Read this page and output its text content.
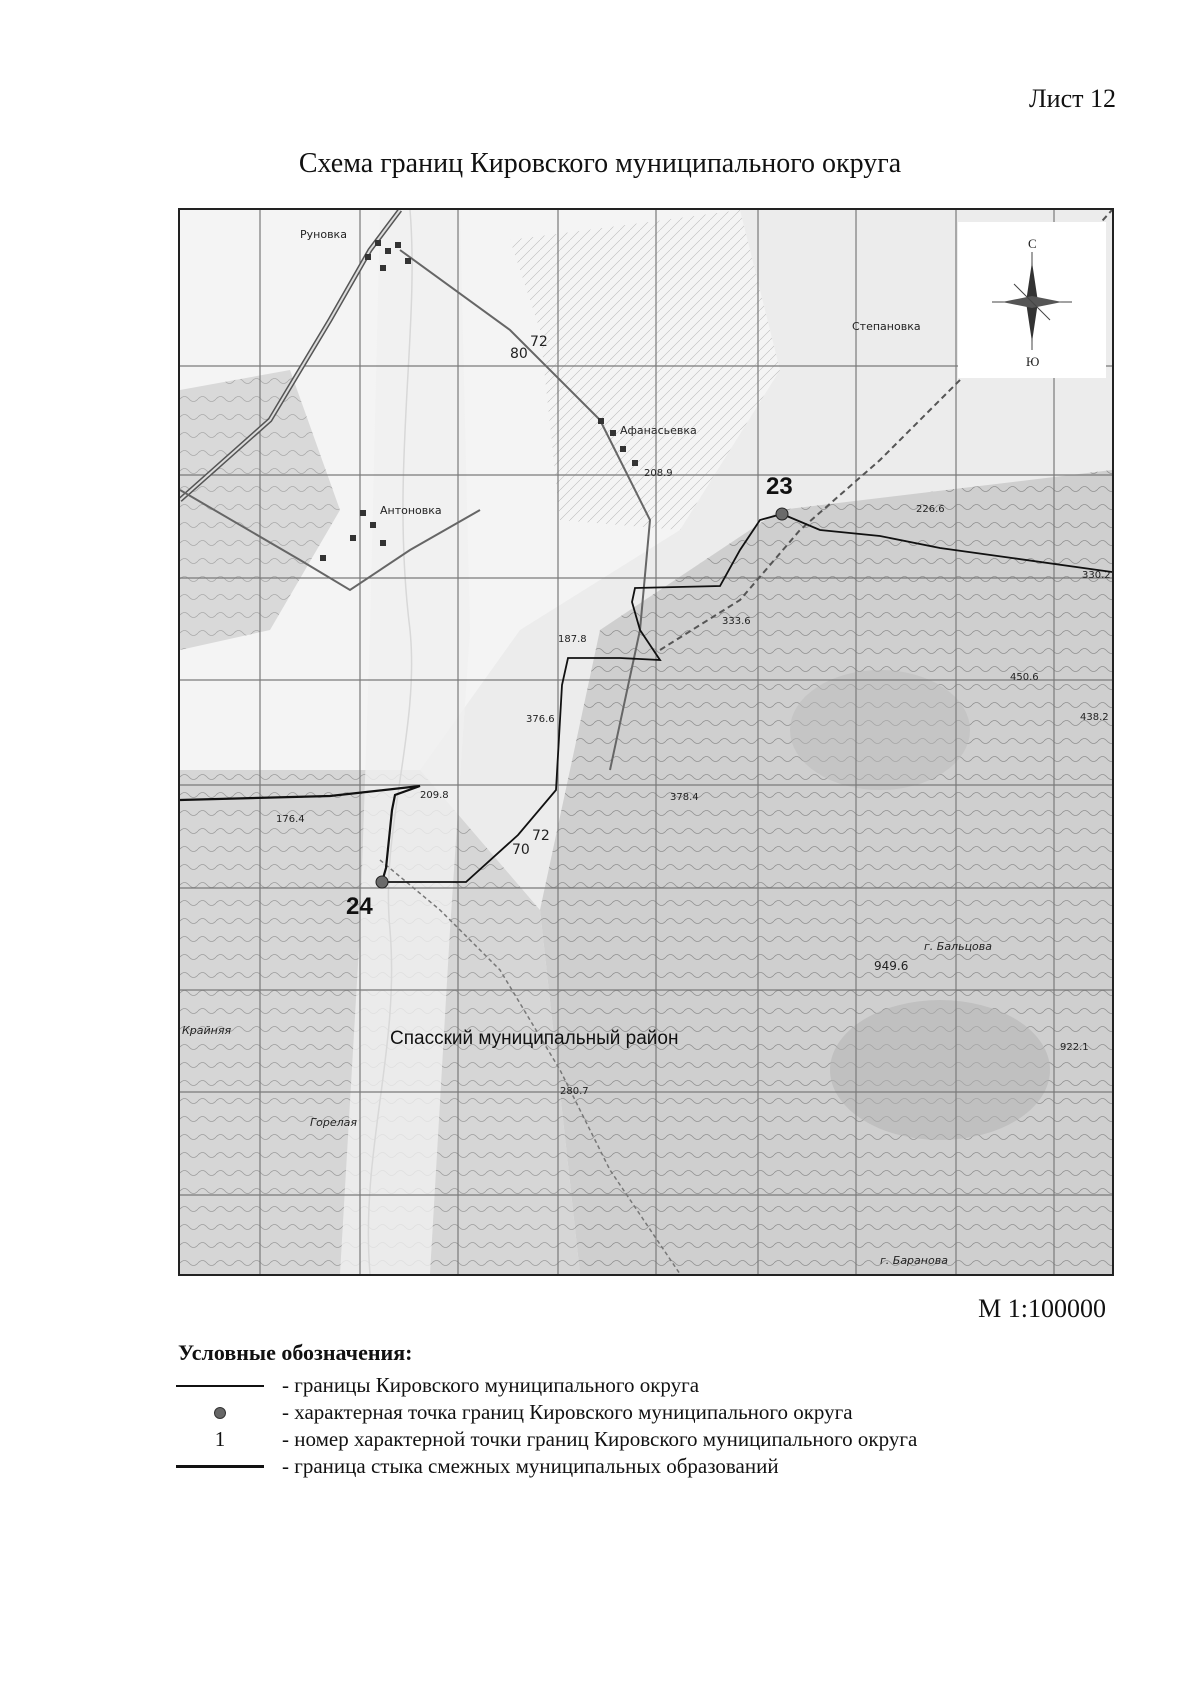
Лист 12
Схема границ Кировского муниципального округа
Руновка
Антоновка
Афанасьевка
Степановка
г. Бальцова
г. Баранова
Крайняя
Горелая
949.6
378.4
376.6
333.6
330.2
438.2
450.6
209.8
176.4
226.6
208.9
187.8
280.7
922.1
80
72
70
72
С
Ю
23
24
Спасский муниципальный район
М 1:100000
Условные обозначения:
- границы Кировского муниципального округа
- характерная точка границ Кировского муниципального округа
1	- номер характерной точки границ Кировского муниципального округа
- граница стыка смежных муниципальных образований
